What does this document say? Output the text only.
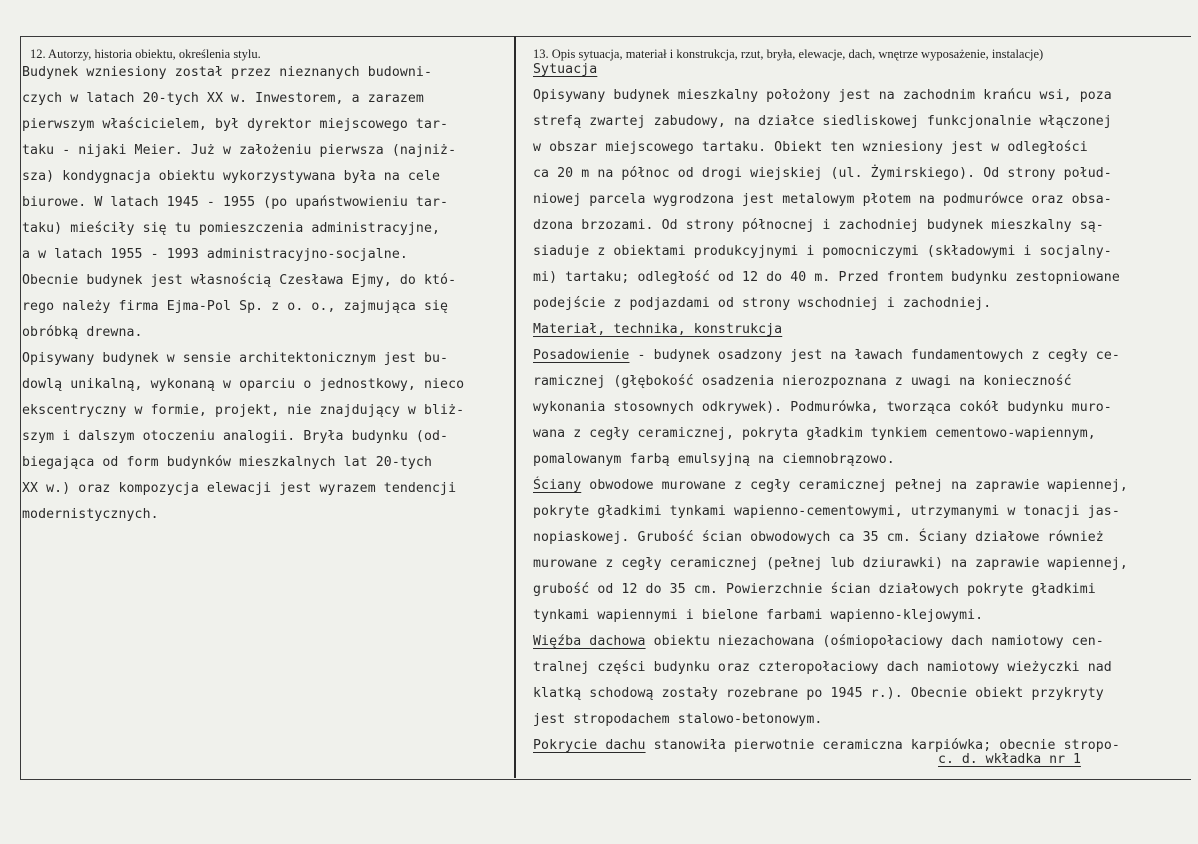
12. Autorzy, historia obiektu, określenia stylu.	13. Opis sytuacja, materiał i konstrukcja, rzut, bryła, elewacje, dach, wnętrze wyposażenie, instalacje)
Budynek wzniesiony został przez nieznanych budowni-
czych w latach 20-tych XX w. Inwestorem, a zarazem
pierwszym właścicielem, był dyrektor miejscowego tar-
taku - nijaki Meier. Już w założeniu pierwsza (najniż-
sza) kondygnacja obiektu wykorzystywana była na cele
biurowe. W latach 1945 - 1955 (po upaństwowieniu tar-
taku) mieściły się tu pomieszczenia administracyjne,
a w latach 1955 - 1993 administracyjno-socjalne.
Obecnie budynek jest własnością Czesława Ejmy, do któ-
rego należy firma Ejma-Pol Sp. z o. o., zajmująca się
obróbką drewna.
Opisywany budynek w sensie architektonicznym jest bu-
dowlą unikalną, wykonaną w oparciu o jednostkowy, nieco
ekscentryczny w formie, projekt, nie znajdujący w bliż-
szym i dalszym otoczeniu analogii. Bryła budynku (od-
biegająca od form budynków mieszkalnych lat 20-tych
XX w.) oraz kompozycja elewacji jest wyrazem tendencji
modernistycznych.
Sytuacja
Opisywany budynek mieszkalny położony jest na zachodnim krańcu wsi, poza
strefą zwartej zabudowy, na działce siedliskowej funkcjonalnie włączonej
w obszar miejscowego tartaku. Obiekt ten wzniesiony jest w odległości
ca 20 m na północ od drogi wiejskiej (ul. Żymirskiego). Od strony połud-
niowej parcela wygrodzona jest metalowym płotem na podmurówce oraz obsa-
dzona brzozami. Od strony północnej i zachodniej budynek mieszkalny są-
siaduje z obiektami produkcyjnymi i pomocniczymi (składowymi i socjalny-
mi) tartaku; odległość od 12 do 40 m. Przed frontem budynku zestopniowane
podejście z podjazdami od strony wschodniej i zachodniej.
Materiał, technika, konstrukcja
Posadowienie - budynek osadzony jest na ławach fundamentowych z cegły ce-
ramicznej (głębokość osadzenia nierozpoznana z uwagi na konieczność
wykonania stosownych odkrywek). Podmurówka, tworząca cokół budynku muro-
wana z cegły ceramicznej, pokryta gładkim tynkiem cementowo-wapiennym,
pomalowanym farbą emulsyjną na ciemnobrązowo.
Ściany obwodowe murowane z cegły ceramicznej pełnej na zaprawie wapiennej,
pokryte gładkimi tynkami wapienno-cementowymi, utrzymanymi w tonacji jas-
nopiaskowej. Grubość ścian obwodowych ca 35 cm. Ściany działowe również
murowane z cegły ceramicznej (pełnej lub dziurawki) na zaprawie wapiennej,
grubość od 12 do 35 cm. Powierzchnie ścian działowych pokryte gładkimi
tynkami wapiennymi i bielone farbami wapienno-klejowymi.
Więźba dachowa obiektu niezachowana (ośmiopołaciowy dach namiotowy cen-
tralnej części budynku oraz czteropołaciowy dach namiotowy wieżyczki nad
klatką schodową zostały rozebrane po 1945 r.). Obecnie obiekt przykryty
jest stropodachem stalowo-betonowym.
Pokrycie dachu stanowiła pierwotnie ceramiczna karpiówka; obecnie stropo-
c. d. wkładka nr 1
